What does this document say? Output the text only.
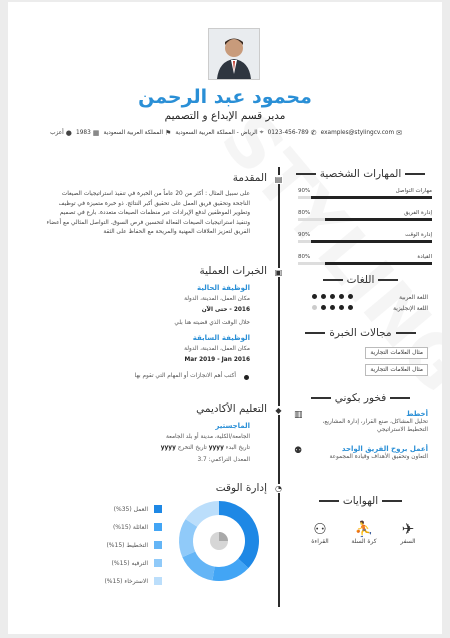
محمود عبد الرحمن
مدير قسم الإبداع و التصميم
✉
examples@stylingcv.com
✆
0123-456-789
⌖
الرياض - المملكة العربية السعودية
⚑
المملكة العربية السعودية
▦
1983
●
أعزب
▤
المقدمة
على سبيل المثال : أكثر من 20 عاماً من الخبرة في تنفيذ استراتيجيات الصيغات الناجحة وتحقيق فريق العمل على تحقيق أكبر النتائج. ذو خبرة متميزة في توظيف وتطوير الموظفين لدفع الإيرادات عبر منظمات الصيغات متعددة. بارع في تصميم وتنفيذ استراتيجيات الصيغات الفعالة لتحسين فرص السوق. التواصل المثالي مع أعضاء الفريق لتعزيز العلاقات المهنية والمريحة مع الحفاظ على الثقة
▣
الخبرات العملية
الوظيفة الحالية
مكان العمل، المدينة، الدولة
2016 - حتى الآن
خلال الوقت الذي قضيته هنا بلي
الوظيفة السابقة
مكان العمل، المدينة، الدولة
Mar 2019 - Jan 2016
أكتب أهم الانجازات أو المهام التي تقوم بها
◆
التعليم الأكاديمي
الماجستير
الجامعة/الكلية، مدينة أو بلد الجامعة
تاريخ البدء yyyy تاريخ التخرج yyyy
المعدل التراكمي: 3.7
◔
إدارة الوقت
العمل (35%)
العائلة (15%)
التخطيط (15%)
الترفيه (15%)
الاسترخاء (15%)
المهارات الشخصية
مهارات التواصل
90%
إدارة الفريق
80%
إدارة الوقت
90%
القيادة
80%
اللغات
اللغة العربية
اللغة الإنجليزية
مجالات الخبرة
مثال العلامات التجارية
مثال العلامات التجارية
فخور بكوني
▥	أخطط
تحليل المشاكل، صنع القرار، إدارة المشاريع، التخطيط الاستراتيجي
⚉	أعمل بروح الفريق الواحد
التعاون وتحقيق الأهداف وقيادة المجموعة
الهوايات
✈
السفر
⛹
كرة السلة
⚇
القراءة
